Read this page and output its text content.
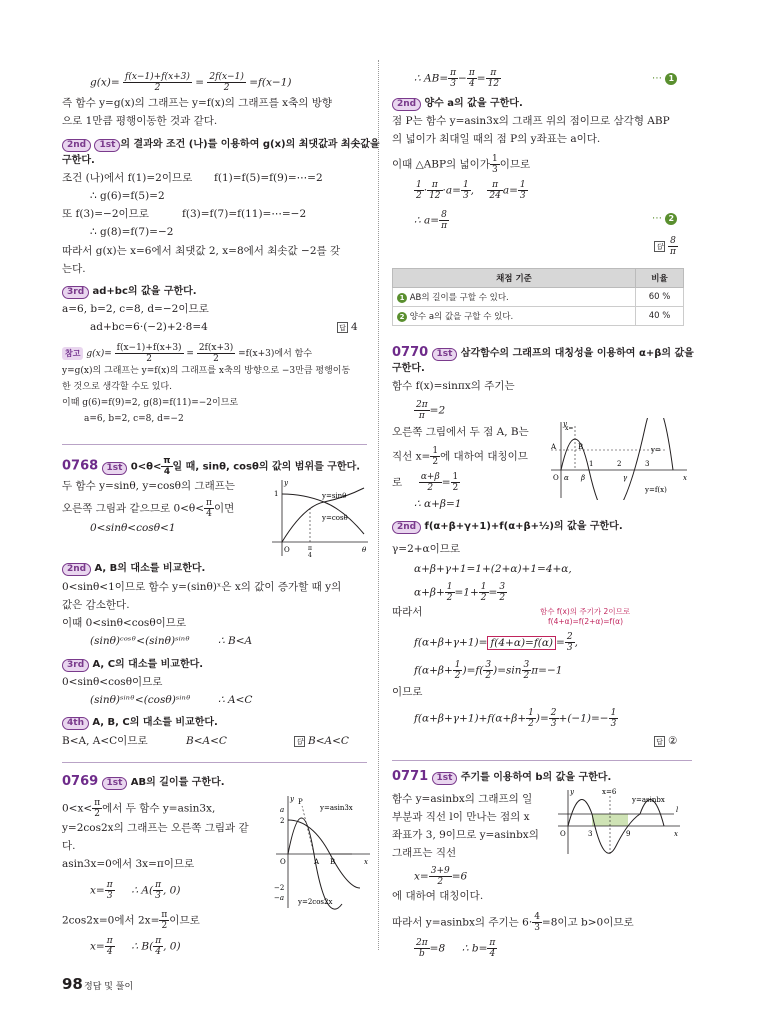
$g(x)= \frac{f(x-1)+f(x+3)}{2} = \frac{2f(x-1)}{2} =f(x-1)$
즉 함수 y=g(x)의 그래프는 y=f(x)의 그래프를 x축의 방향
으로 1만큼 평행이동한 것과 같다.
2nd 1st 의 결과와 조건 (나)를 이용하여 g(x)의 최댓값과 최솟값을
구한다.
조건 (나)에서 f(1)=2이므로 f(1)=f(5)=f(9)=⋯=2
∴ g(6)=f(5)=2
또 f(3)=−2이므로	f(3)=f(7)=f(11)=⋯=−2
∴ g(8)=f(7)=−2
따라서 g(x)는 x=6에서 최댓값 2, x=8에서 최솟값 −2를 갖
는다.
3rd ad+bc의 값을 구한다.
a=6, b=2, c=8, d=−2이므로
ad+bc=6·(−2)+2·8=4	답 4
참고 $g(x)= \frac{f(x-1)+f(x+3)}{2} = \frac{2f(x+3)}{2} =f(x+3)$에서 함수
y=g(x)의 그래프는 y=f(x)의 그래프를 x축의 방향으로 −3만큼 평행이동
한 것으로 생각할 수도 있다.
이때 g(6)=f(9)=2, g(8)=f(11)=−2이므로
a=6, b=2, c=8, d=−2
0768 1st $0<\theta< \frac{\pi}{4}$ 일 때, sinθ, cosθ의 값의 범위를 구한다.
두 함수 y=sinθ, y=cosθ의 그래프는
오른쪽 그림과 같으므로 $0<\theta< \frac{\pi}{4}$ 이면
0<sinθ<cosθ<1
y=sinθ
y=cosθ
1
O	π
4
θ
y
2nd A, B의 대소를 비교한다.
0<sinθ<1이므로 함수 y=(sinθ)ˣ은 x의 값이 증가할 때 y의
값은 감소한다.
이때 0<sinθ<cosθ이므로
(sinθ)ᶜᵒˢᶿ<(sinθ)ˢⁱⁿᶿ	∴ B<A
3rd A, C의 대소를 비교한다.
0<sinθ<cosθ이므로
(sinθ)ˢⁱⁿᶿ<(cosθ)ˢⁱⁿᶿ	∴ A<C
4th A, B, C의 대소를 비교한다.
B<A, A<C이므로	B<A<C	답 B<A<C
0769 1st AB의 길이를 구한다.
$0<x< \frac{\pi}{2}$ 에서 두 함수 y=asin3x,
y=2cos2x의 그래프는 오른쪽 그림과 같
다.
asin3x=0에서 3x=π이므로
$x= \frac{\pi}{3}$ ∴ $A( \frac{\pi}{3}$ , 0)
2cos2x=0에서 $2x= \frac{\pi}{2}$ 이므로
$x= \frac{\pi}{4}$ ∴ $B( \frac{\pi}{4}$ , 0)
y=asin3x
y=2cos2x
y
a
2
−2
−a
O	A B
P
x
∴ $AB= \frac{\pi}{3} - \frac{\pi}{4} = \frac{\pi}{12}$	⋯ 1
2nd 양수 a의 값을 구한다.
점 P는 함수 y=asin3x의 그래프 위의 점이므로 삼각형 ABP
의 넓이가 최대일 때의 점 P의 y좌표는 a이다.
이때 △ABP의 넓이가 $\frac{1}{3}$ 이므로
$\frac{1}{2} \cdot \frac{\pi}{12} \cdot a= \frac{1}{3}$ , $\frac{\pi}{24} a= \frac{1}{3}$
∴ $a= \frac{8}{\pi}$	⋯ 2
답 $\frac{8}{\pi}$
채점 기준	비율
1 AB의 길이를 구할 수 있다.	60 %
2 양수 a의 값을 구할 수 있다.	40 %
0770 1st 삼각함수의 그래프의 대칭성을 이용하여 α+β의 값을
구한다.
함수 f(x)=sinπx의 주기는
$\frac{2\pi}{\pi} =2$
오른쪽 그림에서 두 점 A, B는
직선 $x= \frac{1}{2}$ 에 대하여 대칭이므
로 $\frac{\alpha+\beta}{2} = \frac{1}{2}$
∴ α+β=1
y
x
A	B
O α β	γ
1	2	3
x=
y=
y=f(x)
2nd f(α+β+γ+1)+f(α+β+½)의 값을 구한다.
γ=2+α이므로
α+β+γ+1=1+(2+α)+1=4+α,
$\alpha+\beta+ \frac{1}{2} =1+ \frac{1}{2} = \frac{3}{2}$
따라서	함수 f(x)의 주기가 2이므로
f(4+α)=f(2+α)=f(α)
$f(\alpha+\beta+\gamma+1)= f(4+\alpha)=f(\alpha) = \frac{2}{3}$ ,
$f(\alpha+\beta+ \frac{1}{2} )=f( \frac{3}{2} )=\sin \frac{3}{2} \pi=-1$
이므로
$f(\alpha+\beta+\gamma+1)+f(\alpha+\beta+ \frac{1}{2}$ )= $\frac{2}{3} +(-1)=- \frac{1}{3}$
답 ②
0771 1st 주기를 이용하여 b의 값을 구한다.
함수 y=asinbx의 그래프의 일
부분과 직선 l이 만나는 점의 x
좌표가 3, 9이므로 y=asinbx의
그래프는 직선
$x= \frac{3+9}{2} =6$
에 대하여 대칭이다.
따라서 y=asinbx의 주기는 $6\cdot \frac{4}{3} =8$이고 b>0이므로
$\frac{2\pi}{b} =8$ ∴ $b= \frac{\pi}{4}$
y
x
O	3	9
l
x=6
y=asinbx
98 정답 및 풀이
